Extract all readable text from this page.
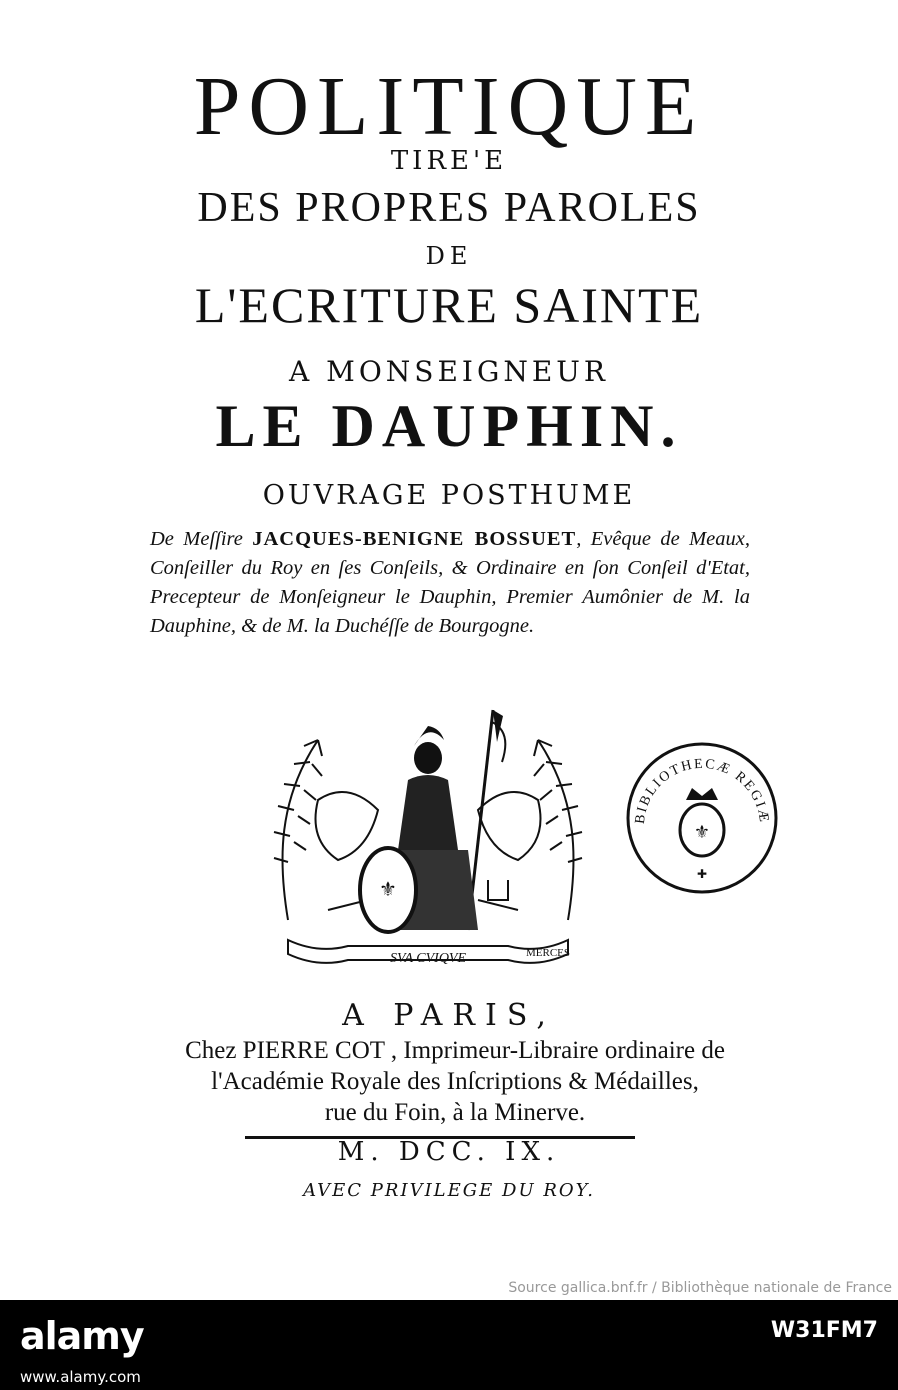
POLITIQUE
TIRE'E
DES PROPRES PAROLES
DE
L'ECRITURE SAINTE
A MONSEIGNEUR
LE DAUPHIN.
OUVRAGE POSTHUME
De Meſſire JACQUES-BENIGNE BOSSUET, Evêque de Meaux, Conſeiller du Roy en ſes Conſeils, & Ordinaire en ſon Conſeil d'Etat, Precepteur de Monſeigneur le Dauphin, Premier Aumônier de M. la Dauphine, & de M. la Duchéſſe de Bourgogne.
⚜
SVA CVIQVE	MERCES
BIBLIOTHECÆ REGIÆ
⚜
✚
A PARIS,
Chez PIERRE COT , Imprimeur-Libraire ordinaire de
l'Académie Royale des Inſcriptions & Médailles,
rue du Foin, à la Minerve.
M. DCC. IX.
AVEC PRIVILEGE DU ROY.
Source gallica.bnf.fr / Bibliothèque nationale de France
alamy
www.alamy.com
W31FM7
